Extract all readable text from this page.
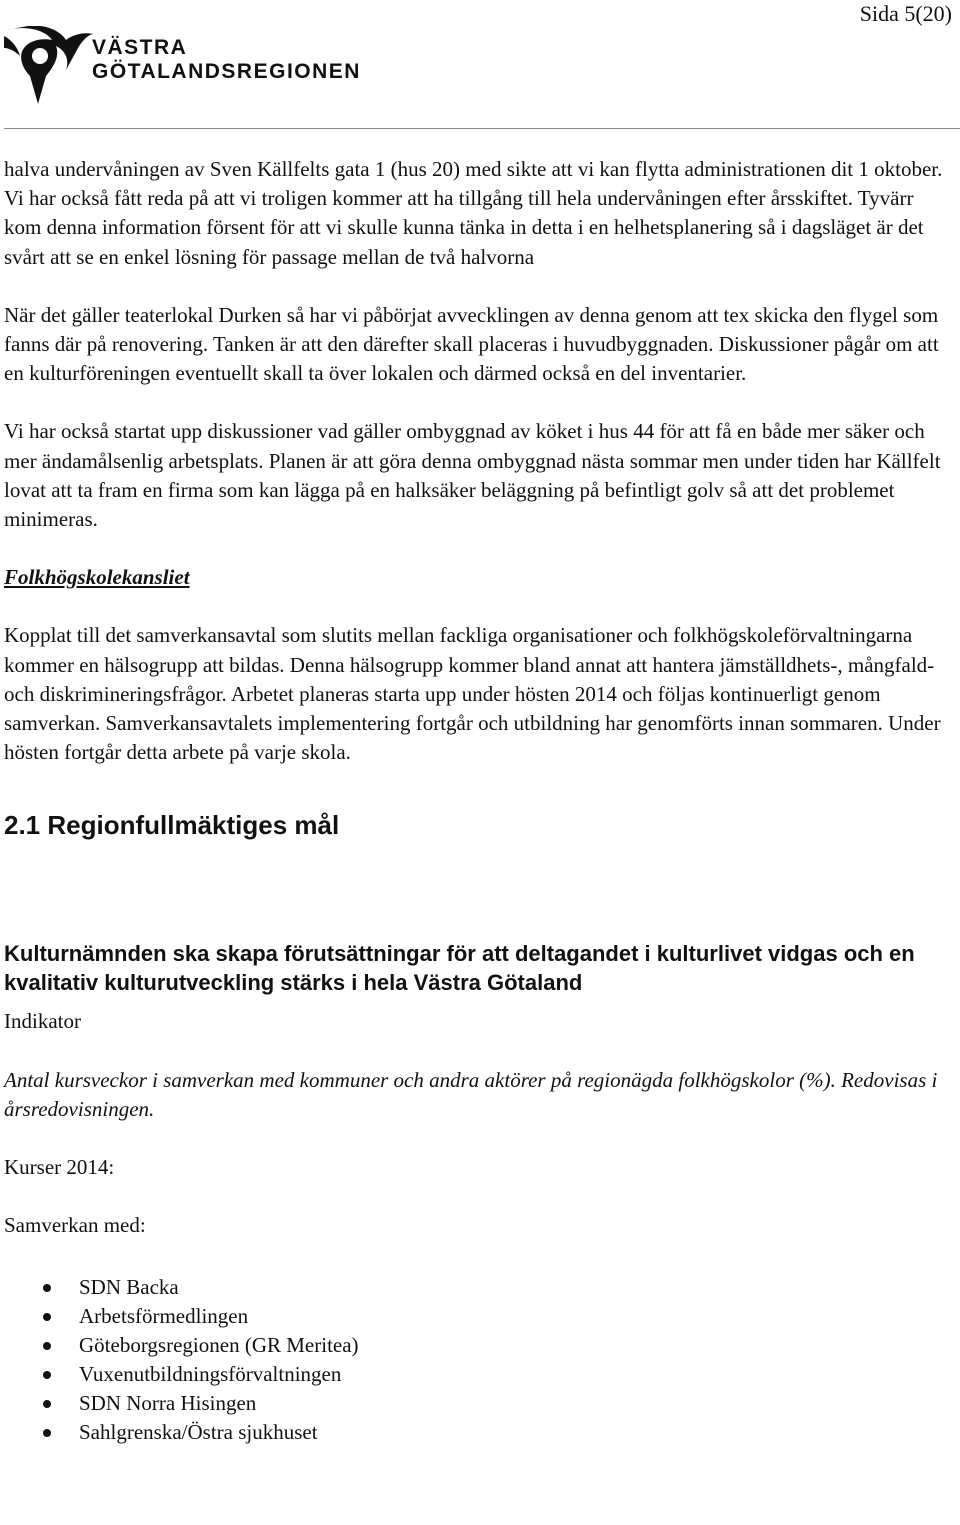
Sida 5(20)
VÄSTRA
GÖTALANDSREGIONEN

halva undervåningen av Sven Källfelts gata 1 (hus 20) med sikte att vi kan flytta administrationen dit 1 oktober. Vi har också fått reda på att vi troligen kommer att ha tillgång till hela undervåningen efter årsskiftet. Tyvärr kom denna information försent för att vi skulle kunna tänka in detta i en helhetsplanering så i dagsläget är det svårt att se en enkel lösning för passage mellan de två halvorna

När det gäller teaterlokal Durken så har vi påbörjat avvecklingen av denna genom att tex skicka den flygel som fanns där på renovering. Tanken är att den därefter skall placeras i huvudbyggnaden. Diskussioner pågår om att en kulturföreningen eventuellt skall ta över lokalen och därmed också en del inventarier.

Vi har också startat upp diskussioner vad gäller ombyggnad av köket i hus 44 för att få en både mer säker och mer ändamålsenlig arbetsplats. Planen är att göra denna ombyggnad nästa sommar men under tiden har Källfelt lovat att ta fram en firma som kan lägga på en halksäker beläggning på befintligt golv så att det problemet minimeras.

Folkhögskolekansliet

Kopplat till det samverkansavtal som slutits mellan fackliga organisationer och folkhögskoleförvaltningarna kommer en hälsogrupp att bildas. Denna hälsogrupp kommer bland annat att hantera jämställdhets-, mångfald- och diskrimineringsfrågor. Arbetet planeras starta upp under hösten 2014 och följas kontinuerligt genom samverkan. Samverkansavtalets implementering fortgår och utbildning har genomförts innan sommaren. Under hösten fortgår detta arbete på varje skola.

2.1 Regionfullmäktiges mål

Kulturnämnden ska skapa förutsättningar för att deltagandet i kulturlivet vidgas och en kvalitativ kulturutveckling stärks i hela Västra Götaland

Indikator

Antal kursveckor i samverkan med kommuner och andra aktörer på regionägda folkhögskolor (%). Redovisas i årsredovisningen.

Kurser 2014:

Samverkan med:

SDN Backa
Arbetsförmedlingen
Göteborgsregionen (GR Meritea)
Vuxenutbildningsförvaltningen
SDN Norra Hisingen
Sahlgrenska/Östra sjukhuset
